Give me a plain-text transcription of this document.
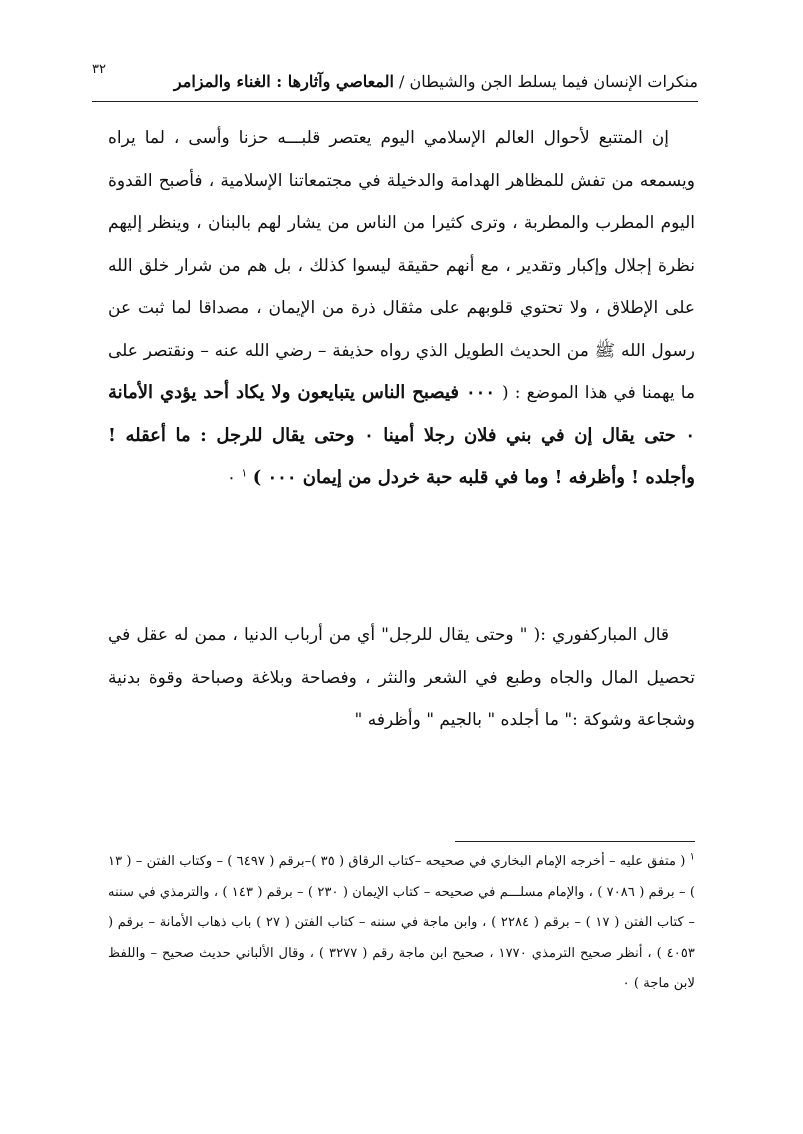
منكرات الإنسان فيما يسلط الجن والشيطان / المعاصي وآثارها : الغناء والمزامر
٣٢

إن المتتبع لأحوال العالم الإسلامي اليوم يعتصر قلبـــه حزنا وأسى ، لما يراه ويسمعه من تفش للمظاهر الهدامة والدخيلة في مجتمعاتنا الإسلامية ، فأصبح القدوة اليوم المطرب والمطربة ، وترى كثيرا من الناس من يشار لهم بالبنان ، وينظر إليهم نظرة إجلال وإكبار وتقدير ، مع أنهم حقيقة ليسوا كذلك ، بل هم من شرار خلق الله على الإطلاق ، ولا تحتوي قلوبهم على مثقال ذرة من الإيمان ، مصداقا لما ثبت عن رسول الله ﷺ من الحديث الطويل الذي رواه حذيفة – رضي الله عنه – ونقتصر على ما يهمنا في هذا الموضع : ( ٠٠٠ فيصبح الناس يتبايعون ولا يكاد أحد يؤدي الأمانة ٠ حتى يقال إن في بني فلان رجلا أمينا ٠ وحتى يقال للرجل : ما أعقله ! وأجلده ! وأظرفه ! وما في قلبه حبة خردل من إيمان ٠٠٠ ) $^١$ ٠

قال المباركفوري :( " وحتى يقال للرجل" أي من أرباب الدنيا ، ممن له عقل في تحصيل المال والجاه وطبع في الشعر والنثر ، وفصاحة وبلاغة وصباحة وقوة بدنية وشجاعة وشوكة :" ما أجلده " بالجيم " وأظرفه "

$^١$ ( متفق عليه – أخرجه الإمام البخاري في صحيحه –كتاب الرقاق ( ٣٥ )–برقم ( ٦٤٩٧ ) – وكتاب الفتن – ( ١٣ ) – برقم ( ٧٠٨٦ ) ، والإمام مسلـــم في صحيحه – كتاب الإيمان ( ٢٣٠ ) – برقم ( ١٤٣ ) ، والترمذي في سننه – كتاب الفتن ( ١٧ ) – برقم ( ٢٢٨٤ ) ، وابن ماجة في سننه – كتاب الفتن ( ٢٧ ) باب ذهاب الأمانة – برقم ( ٤٠٥٣ ) ، أنظر صحيح الترمذي ١٧٧٠ ، صحيح ابن ماجة رقم ( ٣٢٧٧ ) ، وقال الألباني حديث صحيح – واللفظ لابن ماجة ) ٠
